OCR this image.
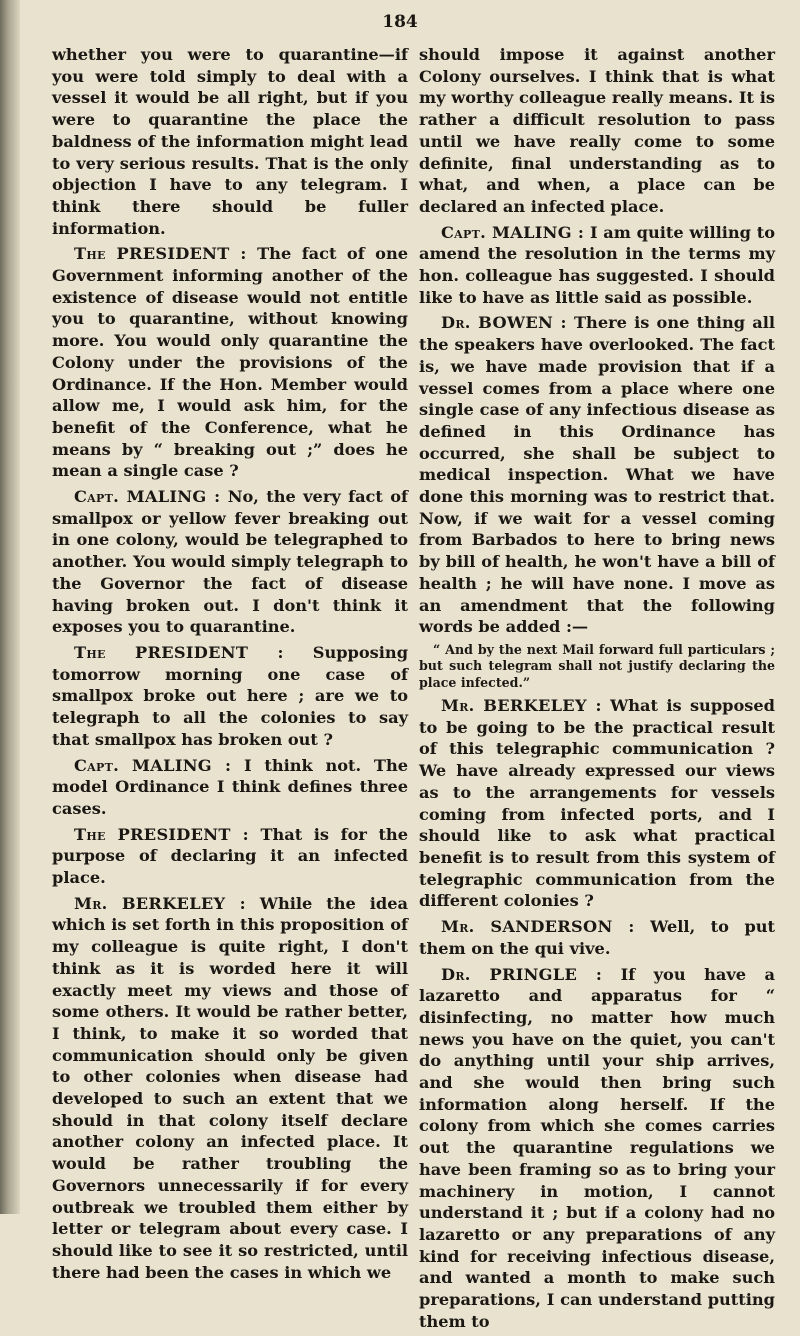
184

whether you were to quarantine—if you were told simply to deal with a vessel it would be all right, but if you were to quarantine the place the baldness of the information might lead to very serious results. That is the only objection I have to any telegram. I think there should be fuller information.

The PRESIDENT : The fact of one Government informing another of the existence of disease would not entitle you to quarantine, without knowing more. You would only quarantine the Colony under the provisions of the Ordinance. If the Hon. Member would allow me, I would ask him, for the benefit of the Conference, what he means by “ breaking out ;” does he mean a single case ?

Capt. MALING : No, the very fact of smallpox or yellow fever breaking out in one colony, would be telegraphed to another. You would simply telegraph to the Governor the fact of disease having broken out. I don't think it exposes you to quarantine.

The PRESIDENT : Supposing tomorrow morning one case of smallpox broke out here ; are we to telegraph to all the colonies to say that smallpox has broken out ?

Capt. MALING : I think not. The model Ordinance I think defines three cases.

The PRESIDENT : That is for the purpose of declaring it an infected place.

Mr. BERKELEY : While the idea which is set forth in this proposition of my colleague is quite right, I don't think as it is worded here it will exactly meet my views and those of some others. It would be rather better, I think, to make it so worded that communication should only be given to other colonies when disease had developed to such an extent that we should in that colony itself declare another colony an infected place. It would be rather troubling the Governors unnecessarily if for every outbreak we troubled them either by letter or telegram about every case. I should like to see it so restricted, until there had been the cases in which we

should impose it against another Colony ourselves. I think that is what my worthy colleague really means. It is rather a difficult resolution to pass until we have really come to some definite, final understanding as to what, and when, a place can be declared an infected place.

Capt. MALING : I am quite willing to amend the resolution in the terms my hon. colleague has suggested. I should like to have as little said as possible.

Dr. BOWEN : There is one thing all the speakers have overlooked. The fact is, we have made provision that if a vessel comes from a place where one single case of any infectious disease as defined in this Ordinance has occurred, she shall be subject to medical inspection. What we have done this morning was to restrict that. Now, if we wait for a vessel coming from Barbados to here to bring news by bill of health, he won't have a bill of health ; he will have none. I move as an amendment that the following words be added :—

“ And by the next Mail forward full particulars ; but such telegram shall not justify declaring the place infected.”

Mr. BERKELEY : What is supposed to be going to be the practical result of this telegraphic communication ? We have already expressed our views as to the arrangements for vessels coming from infected ports, and I should like to ask what practical benefit is to result from this system of telegraphic communication from the different colonies ?

Mr. SANDERSON : Well, to put them on the qui vive.

Dr. PRINGLE : If you have a lazaretto and apparatus for “ disinfecting, no matter how much news you have on the quiet, you can't do anything until your ship arrives, and she would then bring such information along herself. If the colony from which she comes carries out the quarantine regulations we have been framing so as to bring your machinery in motion, I cannot understand it ; but if a colony had no lazaretto or any preparations of any kind for receiving infectious disease, and wanted a month to make such preparations, I can understand putting them to
